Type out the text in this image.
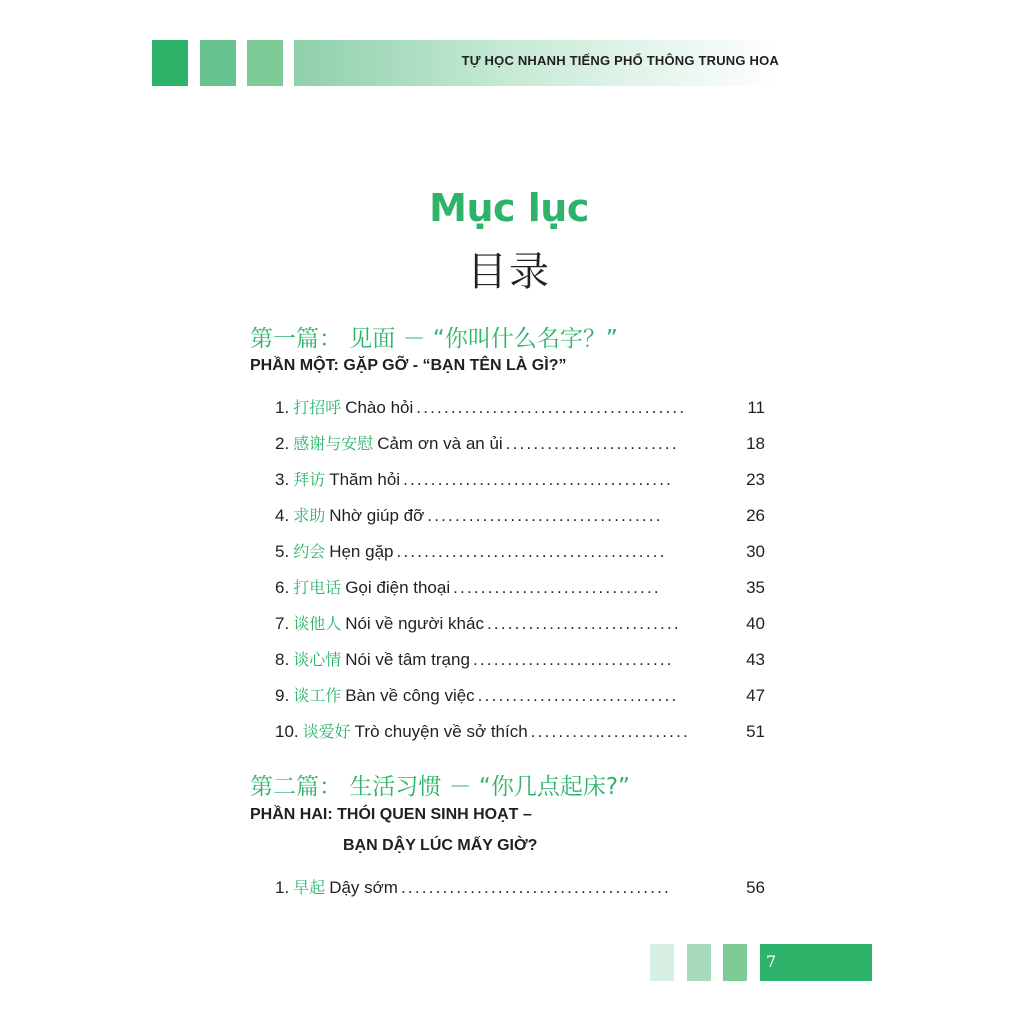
TỰ HỌC NHANH TIẾNG PHỔ THÔNG TRUNG HOA
Mục lục
目录
第一篇： 见面 － “你叫什么名字？”
PHẦN MỘT: GẶP GỠ - “BẠN TÊN LÀ GÌ?”
1. 打招呼 Chào hỏi .......................................	11
2. 感谢与安慰 Cảm ơn và an ủi .........................	18
3. 拜访 Thăm hỏi .......................................	23
4. 求助 Nhờ giúp đỡ ..................................	26
5. 约会 Hẹn gặp .......................................	30
6. 打电话 Gọi điện thoại ..............................	35
7. 谈他人 Nói về người khác ............................	40
8. 谈心情 Nói về tâm trạng .............................	43
9. 谈工作 Bàn về công việc .............................	47
10. 谈爱好 Trò chuyện về sở thích .......................	51
第二篇： 生活习惯 － “你几点起床?”
PHẦN HAI: THÓI QUEN SINH HOẠT –
BẠN DẬY LÚC MẤY GIỜ?
1. 早起 Dậy sớm .......................................	56
7
